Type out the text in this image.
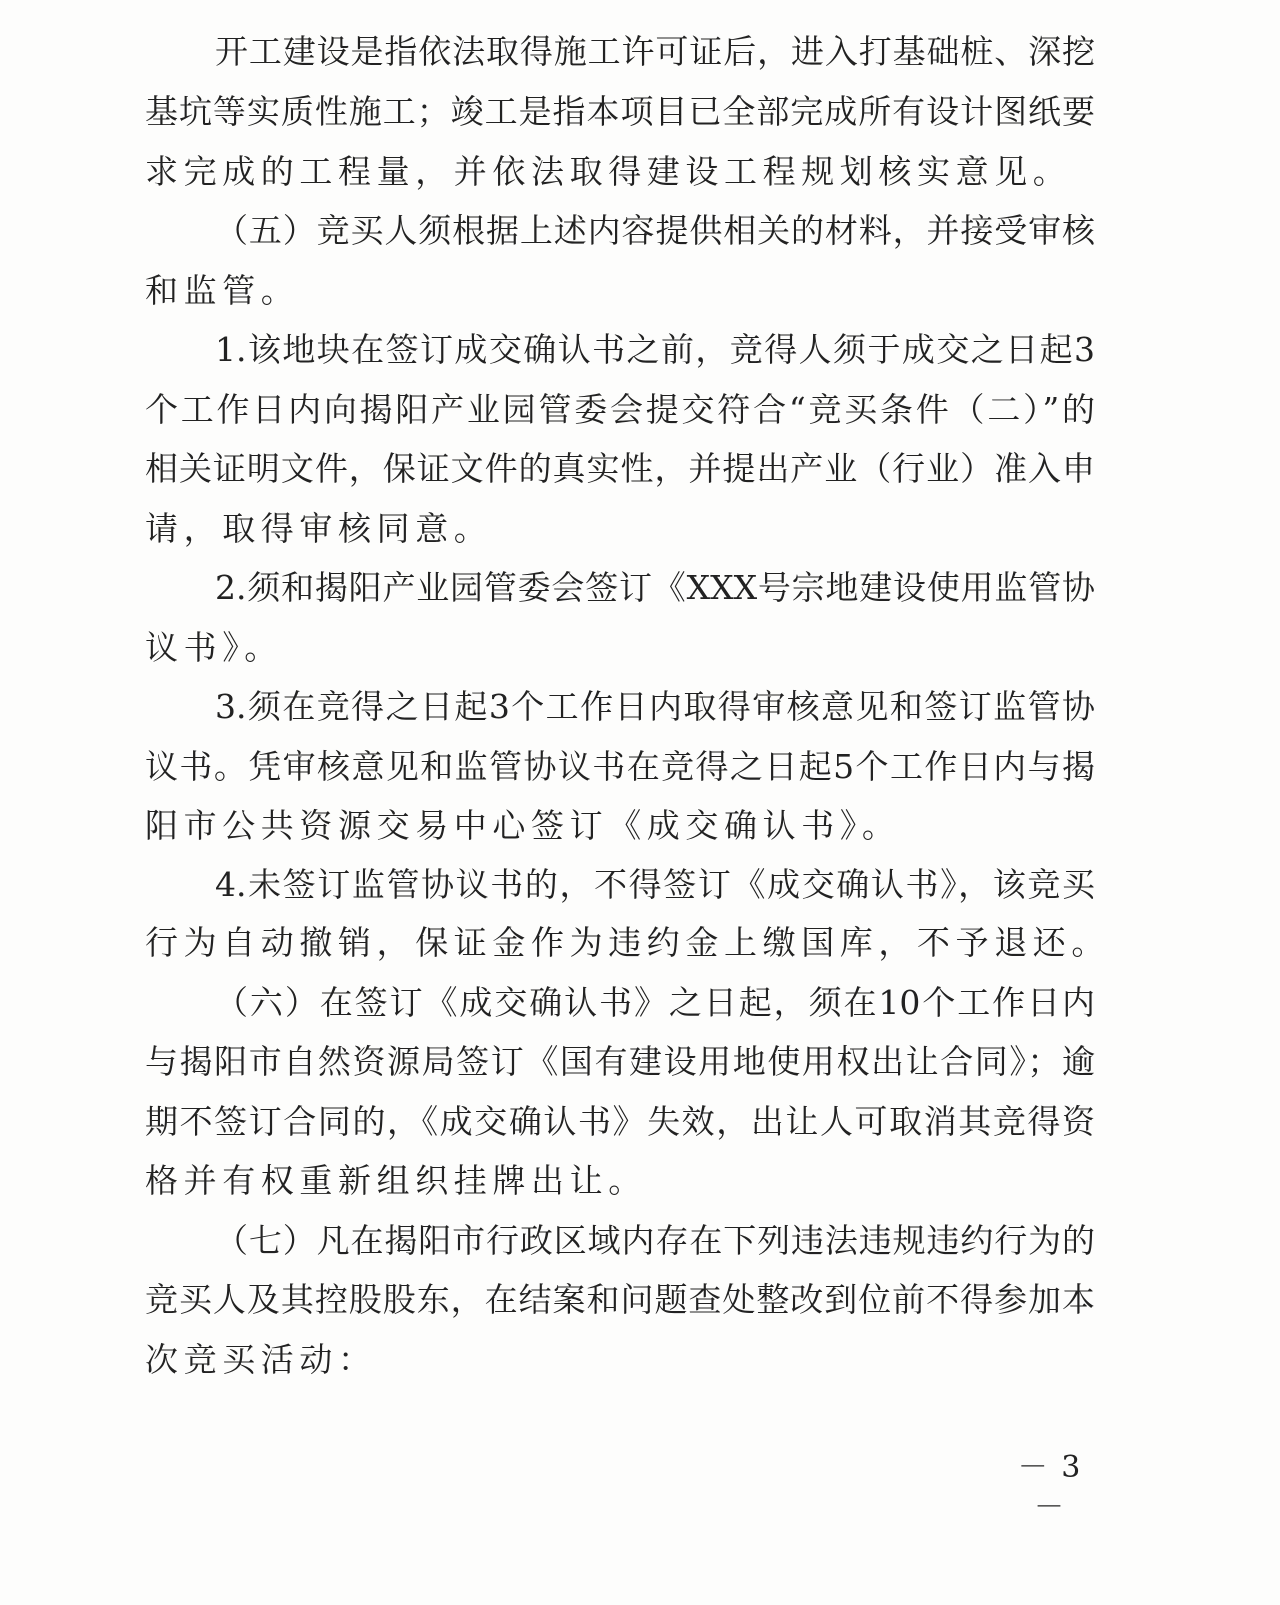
开工建设是指依法取得施工许可证后，进入打基础桩、深挖
基坑等实质性施工；竣工是指本项目已全部完成所有设计图纸要
求完成的工程量，并依法取得建设工程规划核实意见。
（五）竞买人须根据上述内容提供相关的材料，并接受审核
和监管。
1.该地块在签订成交确认书之前，竞得人须于成交之日起3
个工作日内向揭阳产业园管委会提交符合“竞买条件（二）”的
相关证明文件，保证文件的真实性，并提出产业（行业）准入申
请，取得审核同意。
2.须和揭阳产业园管委会签订《XXX号宗地建设使用监管协
议书》。
3.须在竞得之日起3个工作日内取得审核意见和签订监管协
议书。凭审核意见和监管协议书在竞得之日起5个工作日内与揭
阳市公共资源交易中心签订《成交确认书》。
4.未签订监管协议书的，不得签订《成交确认书》，该竞买
行为自动撤销，保证金作为违约金上缴国库，不予退还。
（六）在签订《成交确认书》之日起，须在10个工作日内
与揭阳市自然资源局签订《国有建设用地使用权出让合同》；逾
期不签订合同的，《成交确认书》失效，出让人可取消其竞得资
格并有权重新组织挂牌出让。
（七）凡在揭阳市行政区域内存在下列违法违规违约行为的
竞买人及其控股股东，在结案和问题查处整改到位前不得参加本
次竞买活动：
－ 3 －
